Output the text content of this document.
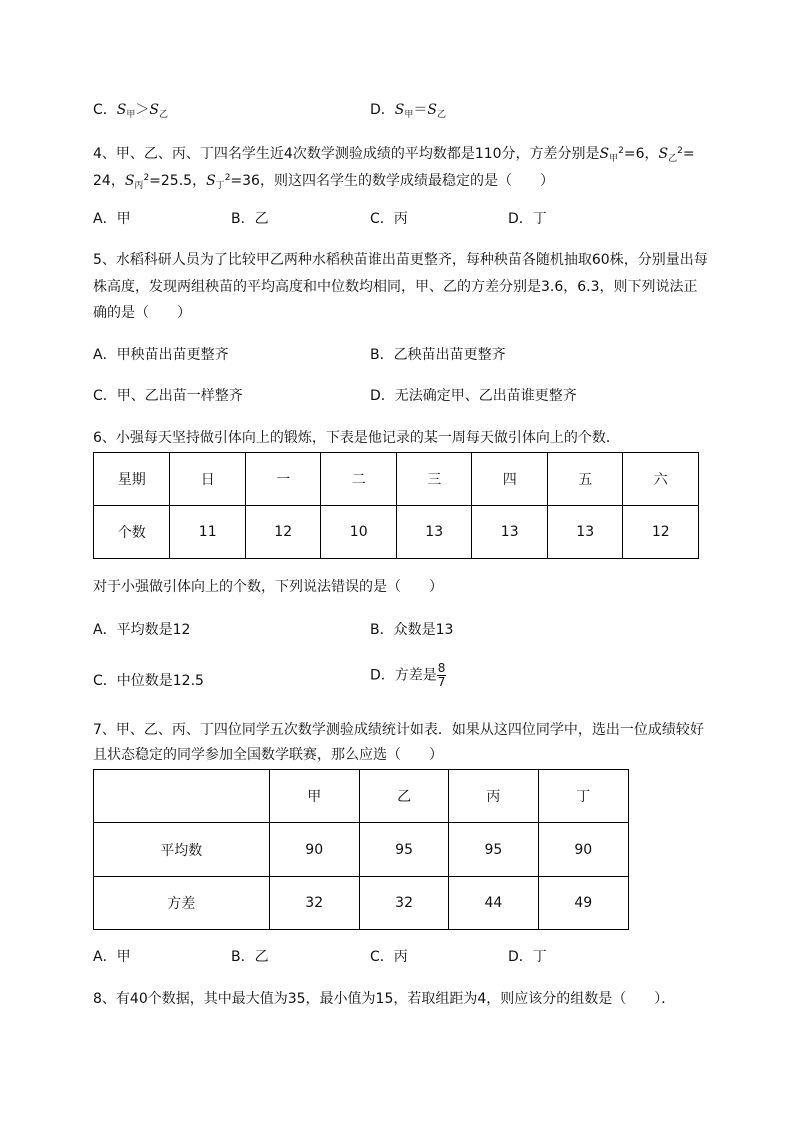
C．$S_甲>S_乙$	D．$S_甲=S_乙$
4、甲、乙、丙、丁四名学生近4次数学测验成绩的平均数都是110分，方差分别是$S_甲^2=6$，$S_乙^2=$
24，$S_丙^2=25.5$，$S_丁^2=36$，则这四名学生的数学成绩最稳定的是（　　）
A．甲	B．乙	C．丙	D．丁
5、水稻科研人员为了比较甲乙两种水稻秧苗谁出苗更整齐，每种秧苗各随机抽取60株，分别量出每
株高度，发现两组秧苗的平均高度和中位数均相同，甲、乙的方差分别是3.6，6.3，则下列说法正
确的是（　　）
A．甲秧苗出苗更整齐	B．乙秧苗出苗更整齐
C．甲、乙出苗一样整齐	D．无法确定甲、乙出苗谁更整齐
6、小强每天坚持做引体向上的锻炼，下表是他记录的某一周每天做引体向上的个数．
星期	日	一	二	三	四	五	六
个数	11	12	10	13	13	13	12
对于小强做引体向上的个数，下列说法错误的是（　　）
A．平均数是12	B．众数是13
C．中位数是12.5	D．方差是 $\frac{8}{7}$
7、甲、乙、丙、丁四位同学五次数学测验成绩统计如表．如果从这四位同学中，选出一位成绩较好
且状态稳定的同学参加全国数学联赛，那么应选（　　）
	甲	乙	丙	丁
平均数	90	95	95	90
方差	32	32	44	49
A．甲	B．乙	C．丙	D．丁
8、有40个数据，其中最大值为35，最小值为15，若取组距为4，则应该分的组数是（　　）．
